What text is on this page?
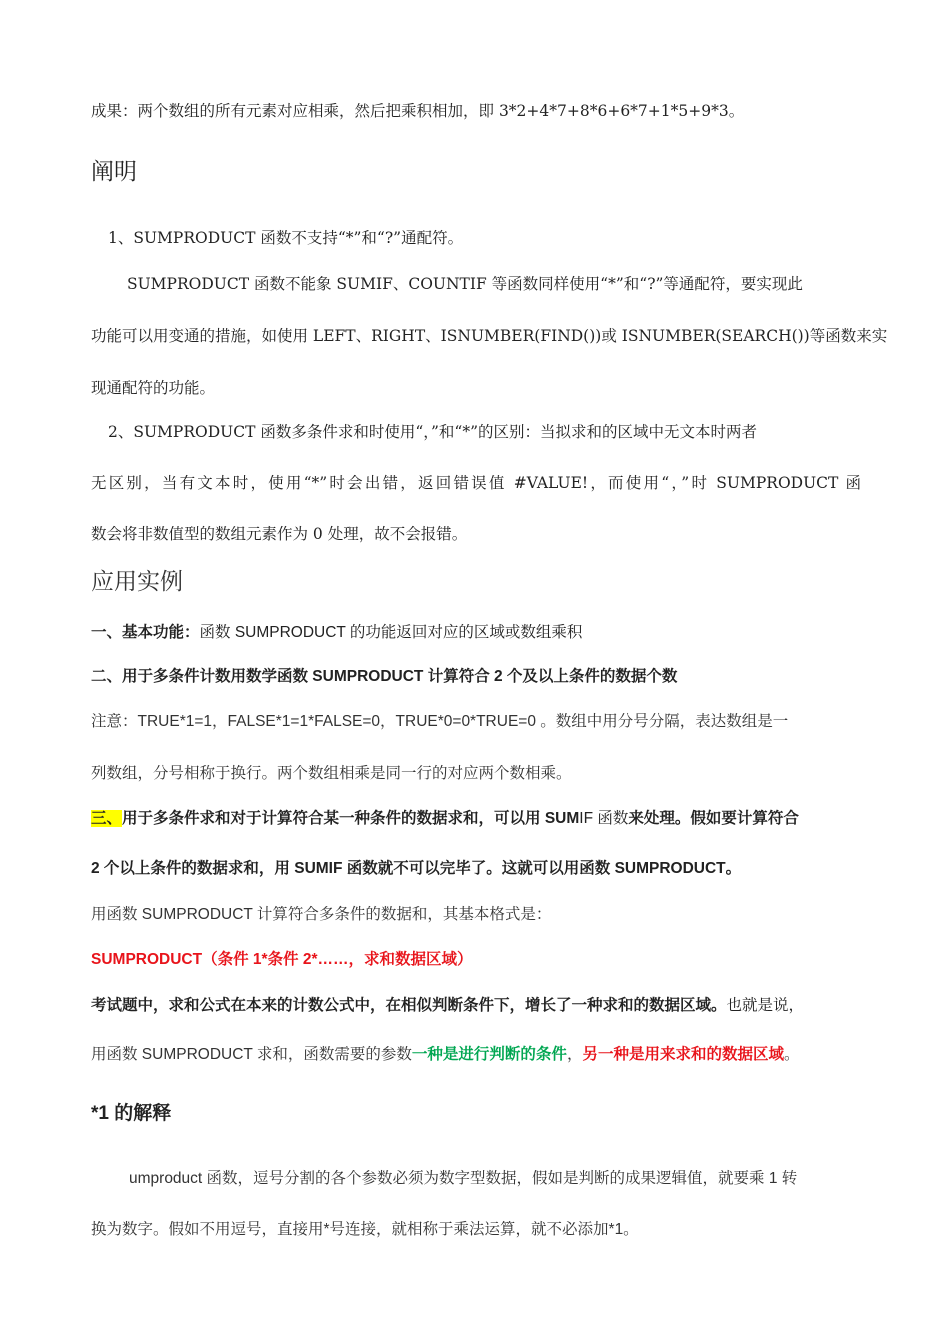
成果：两个数组的所有元素对应相乘，然后把乘积相加，即 3*2+4*7+8*6+6*7+1*5+9*3。
阐明
1、SUMPRODUCT 函数不支持“*”和“?”通配符。
SUMPRODUCT 函数不能象 SUMIF、COUNTIF 等函数同样使用“*”和“?”等通配符，要实现此
功能可以用变通的措施，如使用 LEFT、RIGHT、ISNUMBER(FIND())或 ISNUMBER(SEARCH())等函数来实
现通配符的功能。
2、SUMPRODUCT 函数多条件求和时使用“，”和“*”的区别：当拟求和的区域中无文本时两者
无区别，当有文本时，使用“*”时会出错，返回错误值 #VALUE!，而使用“，”时 SUMPRODUCT 函
数会将非数值型的数组元素作为 0 处理，故不会报错。
应用实例
一、基本功能：函数 SUMPRODUCT 的功能返回对应的区域或数组乘积
二、用于多条件计数用数学函数 SUMPRODUCT 计算符合 2 个及以上条件的数据个数
注意：TRUE*1=1，FALSE*1=1*FALSE=0，TRUE*0=0*TRUE=0 。数组中用分号分隔，表达数组是一
列数组，分号相称于换行。两个数组相乘是同一行的对应两个数相乘。
三、用于多条件求和对于计算符合某一种条件的数据求和，可以用 SUMIF 函数来处理。假如要计算符合
2 个以上条件的数据求和，用 SUMIF 函数就不可以完毕了。这就可以用函数 SUMPRODUCT。
用函数 SUMPRODUCT 计算符合多条件的数据和，其基本格式是：
SUMPRODUCT（条件 1*条件 2*……，求和数据区域）
考试题中，求和公式在本来的计数公式中，在相似判断条件下，增长了一种求和的数据区域。也就是说，
用函数 SUMPRODUCT 求和，函数需要的参数一种是进行判断的条件，另一种是用来求和的数据区域。
*1 的解释
umproduct 函数，逗号分割的各个参数必须为数字型数据，假如是判断的成果逻辑值，就要乘 1 转
换为数字。假如不用逗号，直接用*号连接，就相称于乘法运算，就不必添加*1。
